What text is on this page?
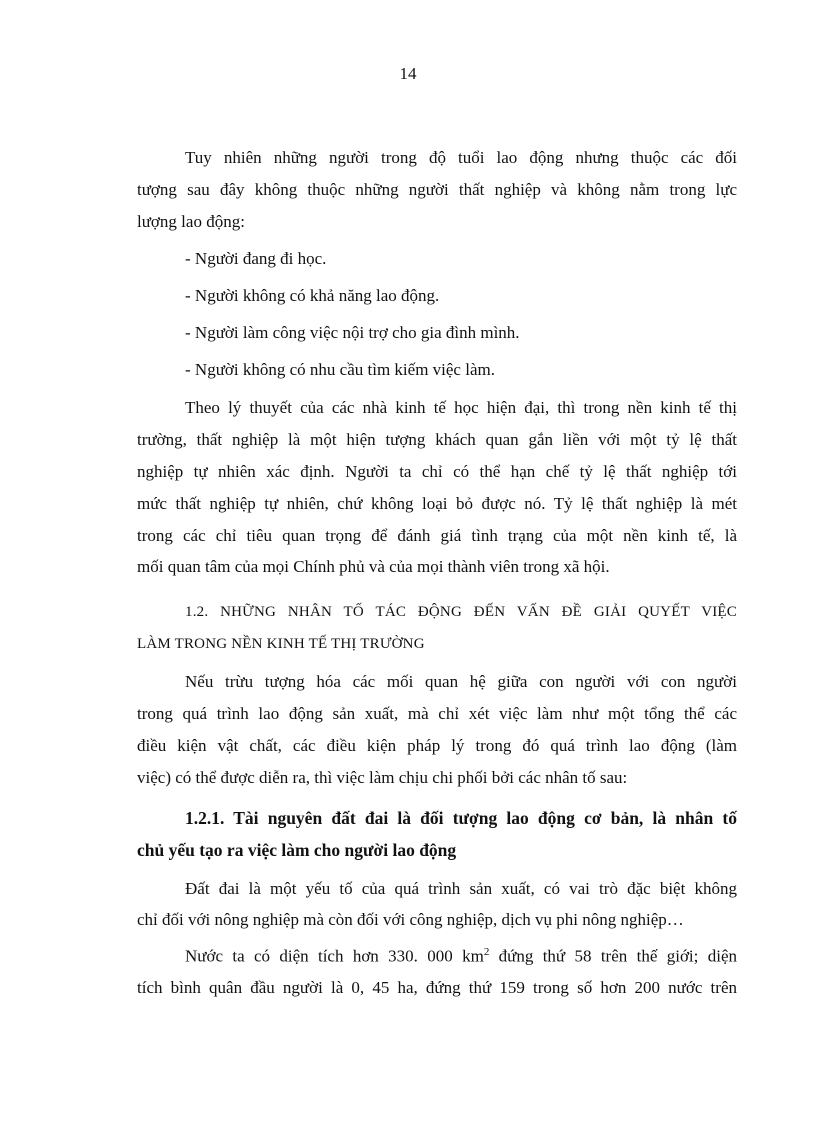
14
Tuy nhiên những người trong độ tuổi lao động nhưng thuộc các đối
tượng sau đây không thuộc những người thất nghiệp và không nằm trong lực
lượng lao động:
- Người đang đi học.
- Người không có khả năng lao động.
- Người làm công việc nội trợ cho gia đình mình.
- Người không có nhu cầu tìm kiếm việc làm.
Theo lý thuyết của các nhà kinh tế học hiện đại, thì trong nền kinh tế thị
trường, thất nghiệp là một hiện tượng khách quan gắn liền với một tỷ lệ thất
nghiệp tự nhiên xác định. Người ta chỉ có thể hạn chế tỷ lệ thất nghiệp tới
mức thất nghiệp tự nhiên, chứ không loại bỏ được nó. Tỷ lệ thất nghiệp là mét
trong các chỉ tiêu quan trọng để đánh giá tình trạng của một nền kinh tế, là
mối quan tâm của mọi Chính phủ và của mọi thành viên trong xã hội.
1.2. NHỮNG NHÂN TỐ TÁC ĐỘNG ĐẾN VẤN ĐỀ GIẢI QUYẾT VIỆC
LÀM TRONG NỀN KINH TẾ THỊ TRƯỜNG
Nếu trừu tượng hóa các mối quan hệ giữa con người với con người
trong quá trình lao động sản xuất, mà chỉ xét việc làm như một tổng thể các
điều kiện vật chất, các điều kiện pháp lý trong đó quá trình lao động (làm
việc) có thể được diễn ra, thì việc làm chịu chi phối bởi các nhân tố sau:
1.2.1. Tài nguyên đất đai là đối tượng lao động cơ bản, là nhân tố
chủ yếu tạo ra việc làm cho người lao động
Đất đai là một yếu tố của quá trình sản xuất, có vai trò đặc biệt không
chỉ đối với nông nghiệp mà còn đối với công nghiệp, dịch vụ phi nông nghiệp…
Nước ta có diện tích hơn 330. 000 $km^2$ đứng thứ 58 trên thế giới; diện
tích bình quân đầu người là 0, 45 ha, đứng thứ 159 trong số hơn 200 nước trên
